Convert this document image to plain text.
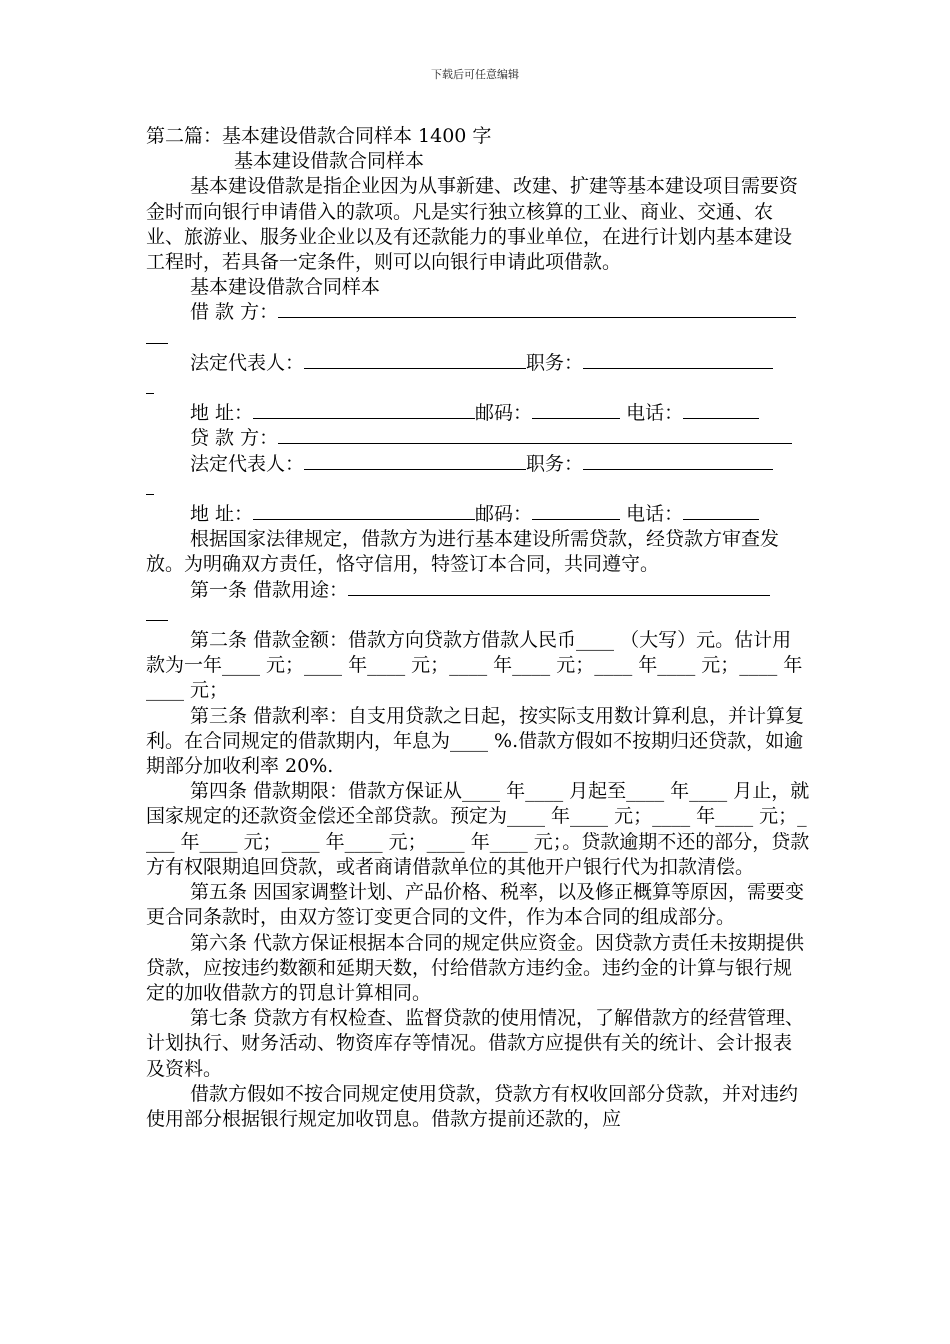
下载后可任意编辑

第二篇：基本建设借款合同样本 1400 字

基本建设借款合同样本

基本建设借款是指企业因为从事新建、改建、扩建等基本建设项目需要资金时而向银行申请借入的款项。凡是实行独立核算的工业、商业、交通、农业、旅游业、服务业企业以及有还款能力的事业单位，在进行计划内基本建设工程时，若具备一定条件，则可以向银行申请此项借款。

基本建设借款合同样本

借 款 方：

法定代表人：	职务：

地 址：	邮码：	电话：

贷 款 方：

法定代表人：	职务：

地 址：	邮码：	电话：

根据国家法律规定，借款方为进行基本建设所需贷款，经贷款方审查发放。为明确双方责任，恪守信用，特签订本合同，共同遵守。

第一条 借款用途：

第二条 借款金额：借款方向贷款方借款人民币____ （大写）元。估计用款为一年____ 元；____ 年____ 元；____ 年____ 元；____ 年____ 元；____ 年____ 元；

第三条 借款利率：自支用贷款之日起，按实际支用数计算利息，并计算复利。在合同规定的借款期内，年息为____ %.借款方假如不按期归还贷款，如逾期部分加收利率 20%.

第四条 借款期限：借款方保证从____ 年____ 月起至____ 年____ 月止，就国家规定的还款资金偿还全部贷款。预定为____ 年____ 元；____ 年____ 元；____ 年____ 元；____ 年____ 元；____ 年____ 元；。贷款逾期不还的部分，贷款方有权限期追回贷款，或者商请借款单位的其他开户银行代为扣款清偿。

第五条 因国家调整计划、产品价格、税率，以及修正概算等原因，需要变更合同条款时，由双方签订变更合同的文件，作为本合同的组成部分。

第六条 代款方保证根据本合同的规定供应资金。因贷款方责任未按期提供贷款，应按违约数额和延期天数，付给借款方违约金。违约金的计算与银行规定的加收借款方的罚息计算相同。

第七条 贷款方有权检查、监督贷款的使用情况，了解借款方的经营管理、计划执行、财务活动、物资库存等情况。借款方应提供有关的统计、会计报表及资料。

借款方假如不按合同规定使用贷款，贷款方有权收回部分贷款，并对违约使用部分根据银行规定加收罚息。借款方提前还款的，应
